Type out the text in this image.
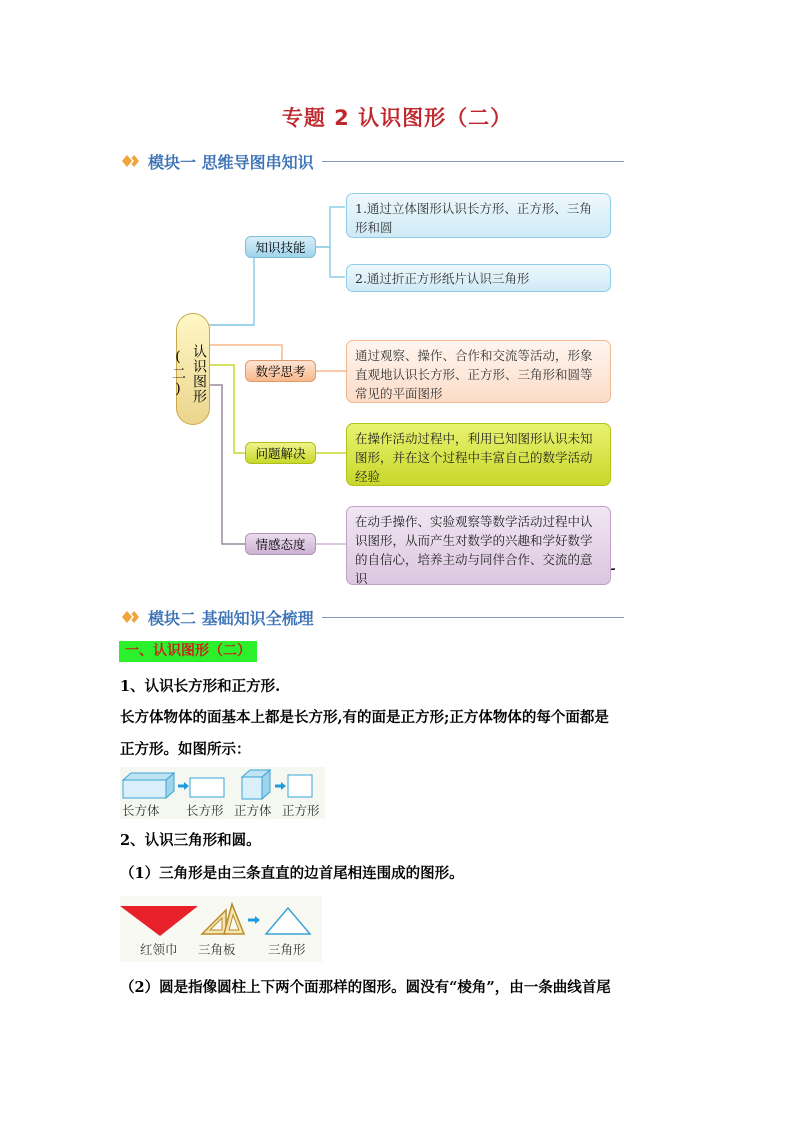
专题 2 认识图形（二）
模块一 思维导图串知识
认识图形(二)
知识技能
数学思考
问题解决
情感态度
1.通过立体图形认识长方形、正方形、三角形和圆
2.通过折正方形纸片认识三角形
通过观察、操作、合作和交流等活动，形象直观地认识长方形、正方形、三角形和圆等常见的平面图形
在操作活动过程中，利用已知图形认识未知图形，并在这个过程中丰富自己的数学活动经验
在动手操作、实验观察等数学活动过程中认识图形，从而产生对数学的兴趣和学好数学的自信心，培养主动与同伴合作、交流的意识
模块二 基础知识全梳理
一、认识图形（二）
1、认识长方形和正方形.
长方体物体的面基本上都是长方形,有的面是正方形;正方体物体的每个面都是
正方形。如图所示：
长方体 长方形 正方体 正方形
2、认识三角形和圆。
（1）三角形是由三条直直的边首尾相连围成的图形。
红领巾 三角板	三角形
（2）圆是指像圆柱上下两个面那样的图形。圆没有“棱角”，由一条曲线首尾
